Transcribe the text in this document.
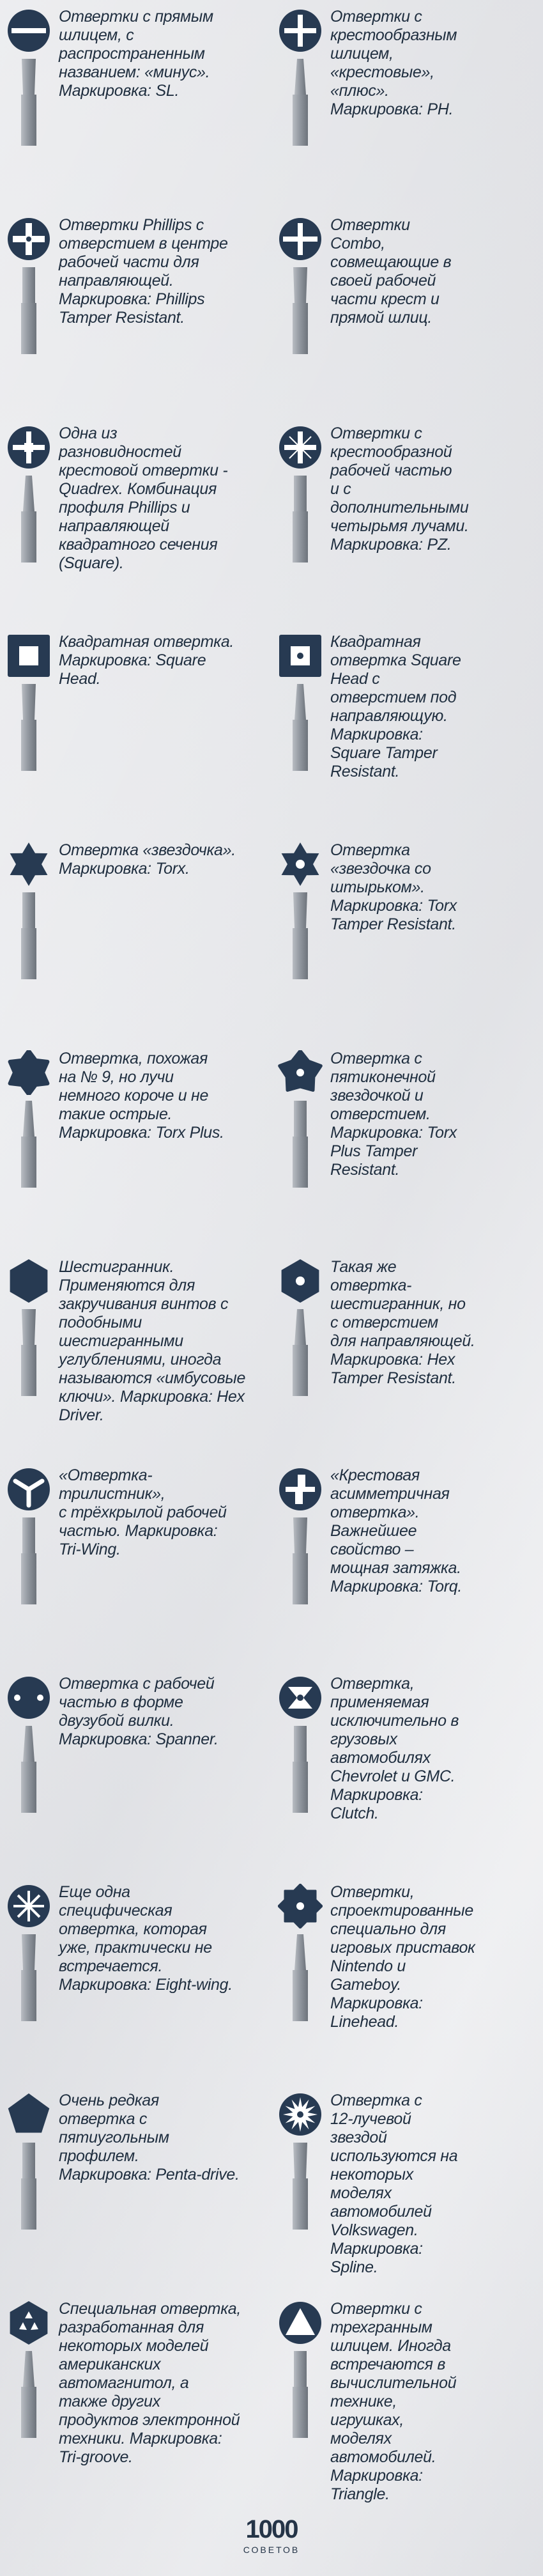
Отвертки с прямым
шлицем, с
распространенным
названием: «минус».
Маркировка: SL.
Отвертки с
крестообразным
шлицем,
«крестовые»,
«плюс».
Маркировка: PH.
Отвертки Phillips с
отверстием в центре
рабочей части для
направляющей.
Маркировка: Phillips
Tamper Resistant.
Отвертки
Combo,
совмещающие в
своей рабочей
части крест и
прямой шлиц.
Одна из
разновидностей
крестовой отвертки -
Quadrex. Комбинация
профиля Phillips и
направляющей
квадратного сечения
(Square).
Отвертки с
крестообразной
рабочей частью
и с
дополнительными
четырьмя лучами.
Маркировка: PZ.
Квадратная отвертка.
Маркировка: Square
Head.
Квадратная
отвертка Square
Head с
отверстием под
направляющую.
Маркировка:
Square Tamper
Resistant.
Отвертка «звездочка».
Маркировка: Torx.
Отвертка
«звездочка со
штырьком».
Маркировка: Torx
Tamper Resistant.
Отвертка, похожая
на № 9, но лучи
немного короче и не
такие острые.
Маркировка: Torx Plus.
Отвертка с
пятиконечной
звездочкой и
отверстием.
Маркировка: Torx
Plus Tamper
Resistant.
Шестигранник.
Применяются для
закручивания винтов с
подобными
шестигранными
углублениями, иногда
называются «имбусовые
ключи». Маркировка: Hex
Driver.
Такая же
отвертка-
шестигранник, но
с отверстием
для направляющей.
Маркировка: Hex
Tamper Resistant.
«Отвертка-
трилистник»,
с трёхкрылой рабочей
частью. Маркировка:
Tri-Wing.
«Крестовая
асимметричная
отвертка».
Важнейшее
свойство –
мощная затяжка.
Маркировка: Torq.
Отвертка с рабочей
частью в форме
двузубой вилки.
Маркировка: Spanner.
Отвертка,
применяемая
исключительно в
грузовых
автомобилях
Chevrolet и GMC.
Маркировка:
Clutch.
Еще одна
специфическая
отвертка, которая
уже, практически не
встречается.
Маркировка: Eight-wing.
Отвертки,
спроектированные
специально для
игровых приставок
Nintendo и
Gameboy.
Маркировка:
Linehead.
Очень редкая
отвертка с
пятиугольным
профилем.
Маркировка: Penta-drive.
Отвертка с
12-лучевой
звездой
используются на
некоторых
моделях
автомобилей
Volkswagen.
Маркировка:
Spline.
Специальная отвертка,
разработанная для
некоторых моделей
американских
автомагнитол, а
также других
продуктов электронной
техники. Маркировка:
Tri-groove.
Отвертки с
трехгранным
шлицем. Иногда
встречаются в
вычислительной
технике,
игрушках,
моделях
автомобилей.
Маркировка:
Triangle.
1000
СОВЕТОВ
